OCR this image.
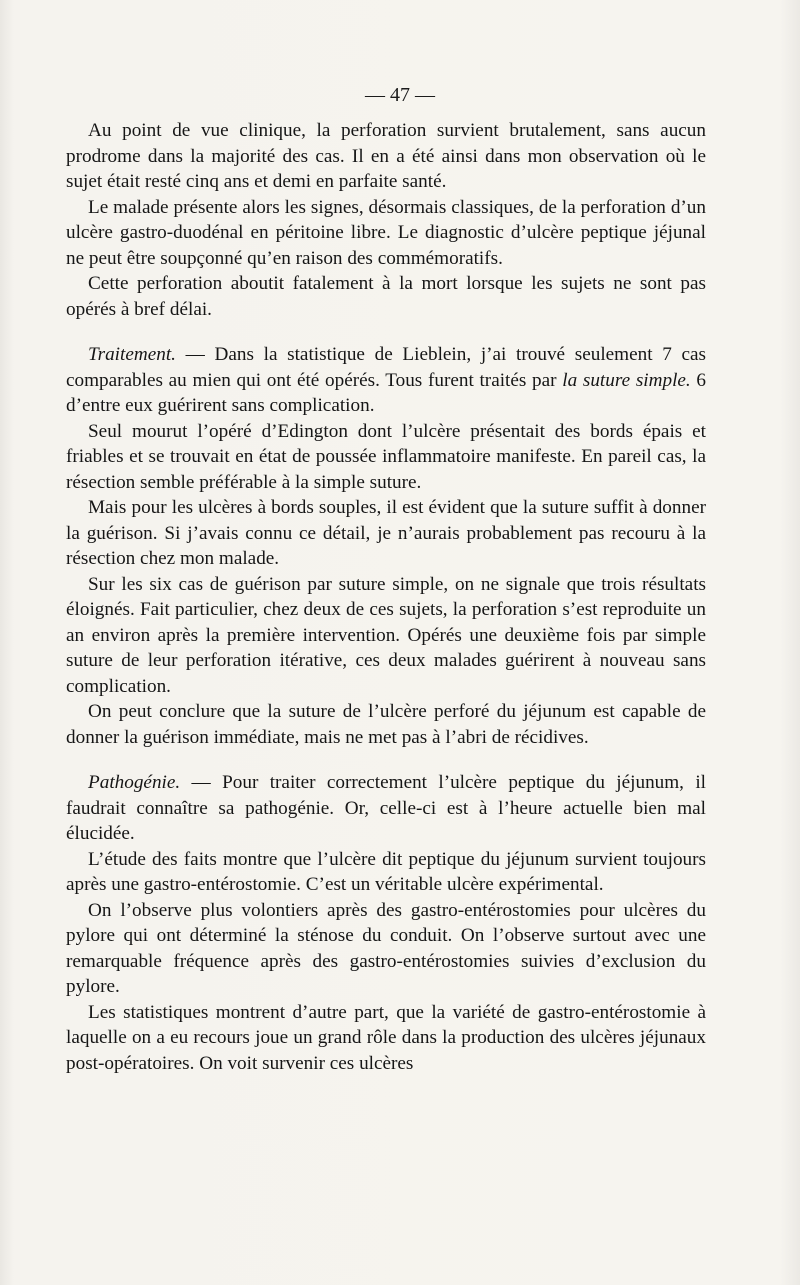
— 47 —

Au point de vue clinique, la perforation survient brutalement, sans aucun prodrome dans la majorité des cas. Il en a été ainsi dans mon observation où le sujet était resté cinq ans et demi en parfaite santé.

Le malade présente alors les signes, désormais classiques, de la perforation d’un ulcère gastro-duodénal en péritoine libre. Le diagnostic d’ulcère peptique jéjunal ne peut être soupçonné qu’en raison des commémoratifs.

Cette perforation aboutit fatalement à la mort lorsque les sujets ne sont pas opérés à bref délai.

Traitement. — Dans la statistique de Lieblein, j’ai trouvé seulement 7 cas comparables au mien qui ont été opérés. Tous furent traités par la suture simple. 6 d’entre eux guérirent sans complication.

Seul mourut l’opéré d’Edington dont l’ulcère présentait des bords épais et friables et se trouvait en état de poussée inflammatoire manifeste. En pareil cas, la résection semble préférable à la simple suture.

Mais pour les ulcères à bords souples, il est évident que la suture suffit à donner la guérison. Si j’avais connu ce détail, je n’aurais probablement pas recouru à la résection chez mon malade.

Sur les six cas de guérison par suture simple, on ne signale que trois résultats éloignés. Fait particulier, chez deux de ces sujets, la perforation s’est reproduite un an environ après la première intervention. Opérés une deuxième fois par simple suture de leur perforation itérative, ces deux malades guérirent à nouveau sans complication.

On peut conclure que la suture de l’ulcère perforé du jéjunum est capable de donner la guérison immédiate, mais ne met pas à l’abri de récidives.

Pathogénie. — Pour traiter correctement l’ulcère peptique du jéjunum, il faudrait connaître sa pathogénie. Or, celle-ci est à l’heure actuelle bien mal élucidée.

L’étude des faits montre que l’ulcère dit peptique du jéjunum survient toujours après une gastro-entérostomie. C’est un véritable ulcère expérimental.

On l’observe plus volontiers après des gastro-entérostomies pour ulcères du pylore qui ont déterminé la sténose du conduit. On l’observe surtout avec une remarquable fréquence après des gastro-entérostomies suivies d’exclusion du pylore.

Les statistiques montrent d’autre part, que la variété de gastro-entérostomie à laquelle on a eu recours joue un grand rôle dans la production des ulcères jéjunaux post-opératoires. On voit survenir ces ulcères
